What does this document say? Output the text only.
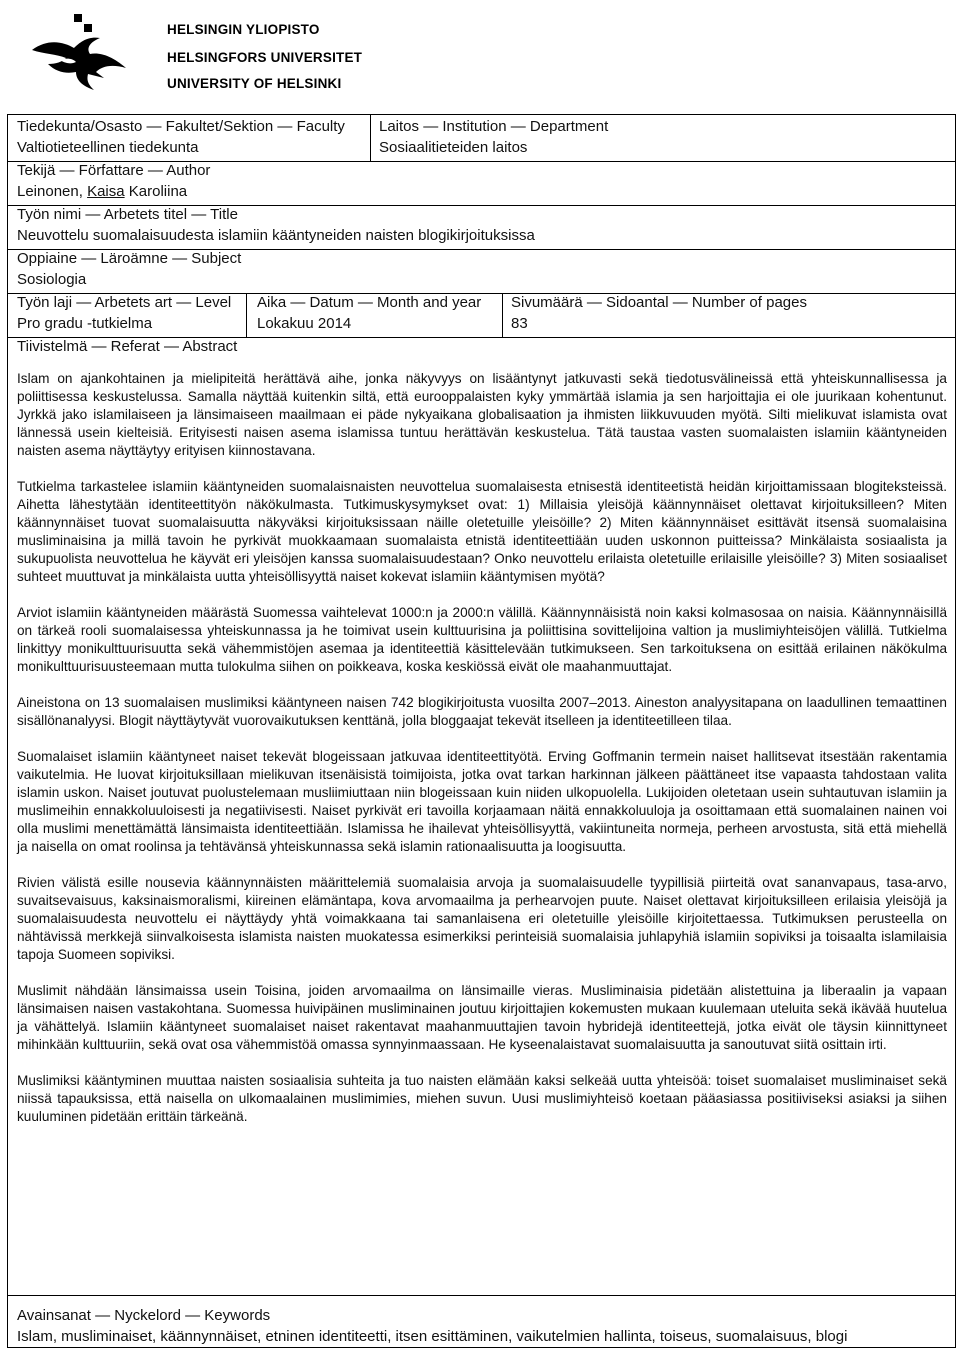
HELSINGIN YLIOPISTO
HELSINGFORS UNIVERSITET
UNIVERSITY OF HELSINKI
Tiedekunta/Osasto — Fakultet/Sektion — Faculty
Valtiotieteellinen tiedekunta
Laitos — Institution — Department
Sosiaalitieteiden laitos
Tekijä — Författare — Author
Leinonen, Kaisa Karoliina
Työn nimi — Arbetets titel — Title
Neuvottelu suomalaisuudesta islamiin kääntyneiden naisten blogikirjoituksissa
Oppiaine — Läroämne — Subject
Sosiologia
Työn laji — Arbetets art — Level
Pro gradu -tutkielma
Aika — Datum — Month and year
Lokakuu 2014
Sivumäärä — Sidoantal — Number of pages
83
Tiivistelmä — Referat — Abstract

Islam on ajankohtainen ja mielipiteitä herättävä aihe, jonka näkyvyys on lisääntynyt jatkuvasti sekä tiedotusvälineissä että yhteiskunnallisessa ja poliittisessa keskustelussa. Samalla näyttää kuitenkin siltä, että eurooppalaisten kyky ymmärtää islamia ja sen harjoittajia ei ole juurikaan kohentunut. Jyrkkä jako islamilaiseen ja länsimaiseen maailmaan ei päde nykyaikana globalisaation ja ihmisten liikkuvuuden myötä. Silti mielikuvat islamista ovat lännessä usein kielteisiä. Erityisesti naisen asema islamissa tuntuu herättävän keskustelua. Tätä taustaa vasten suomalaisten islamiin kääntyneiden naisten asema näyttäytyy erityisen kiinnostavana.

Tutkielma tarkastelee islamiin kääntyneiden suomalaisnaisten neuvottelua suomalaisesta etnisestä identiteetistä heidän kirjoittamissaan blogiteksteissä. Aihetta lähestytään identiteettityön näkökulmasta. Tutkimuskysymykset ovat: 1) Millaisia yleisöjä käännynnäiset olettavat kirjoituksilleen? Miten käännynnäiset tuovat suomalaisuutta näkyväksi kirjoituksissaan näille oletetuille yleisöille? 2) Miten käännynnäiset esittävät itsensä suomalaisina musliminaisina ja millä tavoin he pyrkivät muokkaamaan suomalaista etnistä identiteettiään uuden uskonnon puitteissa? Minkälaista sosiaalista ja sukupuolista neuvottelua he käyvät eri yleisöjen kanssa suomalaisuudestaan? Onko neuvottelu erilaista oletetuille erilaisille yleisöille? 3) Miten sosiaaliset suhteet muuttuvat ja minkälaista uutta yhteisöllisyyttä naiset kokevat islamiin kääntymisen myötä?

Arviot islamiin kääntyneiden määrästä Suomessa vaihtelevat 1000:n ja 2000:n välillä. Käännynnäisistä noin kaksi kolmasosaa on naisia. Käännynnäisillä on tärkeä rooli suomalaisessa yhteiskunnassa ja he toimivat usein kulttuurisina ja poliittisina sovittelijoina valtion ja muslimiyhteisöjen välillä. Tutkielma linkittyy monikulttuurisuutta sekä vähemmistöjen asemaa ja identiteettiä käsittelevään tutkimukseen. Sen tarkoituksena on esittää erilainen näkökulma monikulttuurisuusteemaan mutta tulokulma siihen on poikkeava, koska keskiössä eivät ole maahanmuuttajat.

Aineistona on 13 suomalaisen muslimiksi kääntyneen naisen 742 blogikirjoitusta vuosilta 2007–2013. Aineston analyysitapana on laadullinen temaattinen sisällönanalyysi. Blogit näyttäytyvät vuorovaikutuksen kenttänä, jolla bloggaajat tekevät itselleen ja identiteetilleen tilaa.

Suomalaiset islamiin kääntyneet naiset tekevät blogeissaan jatkuvaa identiteettityötä. Erving Goffmanin termein naiset hallitsevat itsestään rakentamia vaikutelmia. He luovat kirjoituksillaan mielikuvan itsenäisistä toimijoista, jotka ovat tarkan harkinnan jälkeen päättäneet itse vapaasta tahdostaan valita islamin uskon. Naiset joutuvat puolustelemaan musliimiuttaan niin blogeissaan kuin niiden ulkopuolella. Lukijoiden oletetaan usein suhtautuvan islamiin ja muslimeihin ennakkoluuloisesti ja negatiivisesti. Naiset pyrkivät eri tavoilla korjaamaan näitä ennakkoluuloja ja osoittamaan että suomalainen nainen voi olla muslimi menettämättä länsimaista identiteettiään. Islamissa he ihailevat yhteisöllisyyttä, vakiintuneita normeja, perheen arvostusta, sitä että miehellä ja naisella on omat roolinsa ja tehtävänsä yhteiskunnassa sekä islamin rationaalisuutta ja loogisuutta.

Rivien välistä esille nousevia käännynnäisten määrittelemiä suomalaisia arvoja ja suomalaisuudelle tyypillisiä piirteitä ovat sananvapaus, tasa-arvo, suvaitsevaisuus, kaksinaismoralismi, kiireinen elämäntapa, kova arvomaailma ja perhearvojen puute. Naiset olettavat kirjoituksilleen erilaisia yleisöjä ja suomalaisuudesta neuvottelu ei näyttäydy yhtä voimakkaana tai samanlaisena eri oletetuille yleisöille kirjoitettaessa. Tutkimuksen perusteella on nähtävissä merkkejä siinvalkoisesta islamista naisten muokatessa esimerkiksi perinteisiä suomalaisia juhlapyhiä islamiin sopiviksi ja toisaalta islamilaisia tapoja Suomeen sopiviksi.

Muslimit nähdään länsimaissa usein Toisina, joiden arvomaailma on länsimaille vieras. Musliminaisia pidetään alistettuina ja liberaalin ja vapaan länsimaisen naisen vastakohtana. Suomessa huivipäinen musliminainen joutuu kirjoittajien kokemusten mukaan kuulemaan uteluita sekä ikävää huutelua ja vähättelyä. Islamiin kääntyneet suomalaiset naiset rakentavat maahanmuuttajien tavoin hybridejä identiteettejä, jotka eivät ole täysin kiinnittyneet mihinkään kulttuuriin, sekä ovat osa vähemmistöä omassa synnyinmaassaan. He kyseenalaistavat suomalaisuutta ja sanoutuvat siitä osittain irti.

Muslimiksi kääntyminen muuttaa naisten sosiaalisia suhteita ja tuo naisten elämään kaksi selkeää uutta yhteisöä: toiset suomalaiset musliminaiset sekä niissä tapauksissa, että naisella on ulkomaalainen muslimimies, miehen suvun. Uusi muslimiyhteisö koetaan pääasiassa positiiviseksi asiaksi ja siihen kuuluminen pidetään erittäin tärkeänä.

Avainsanat — Nyckelord — Keywords
Islam, musliminaiset, käännynnäiset, etninen identiteetti, itsen esittäminen, vaikutelmien hallinta, toiseus, suomalaisuus, blogi
